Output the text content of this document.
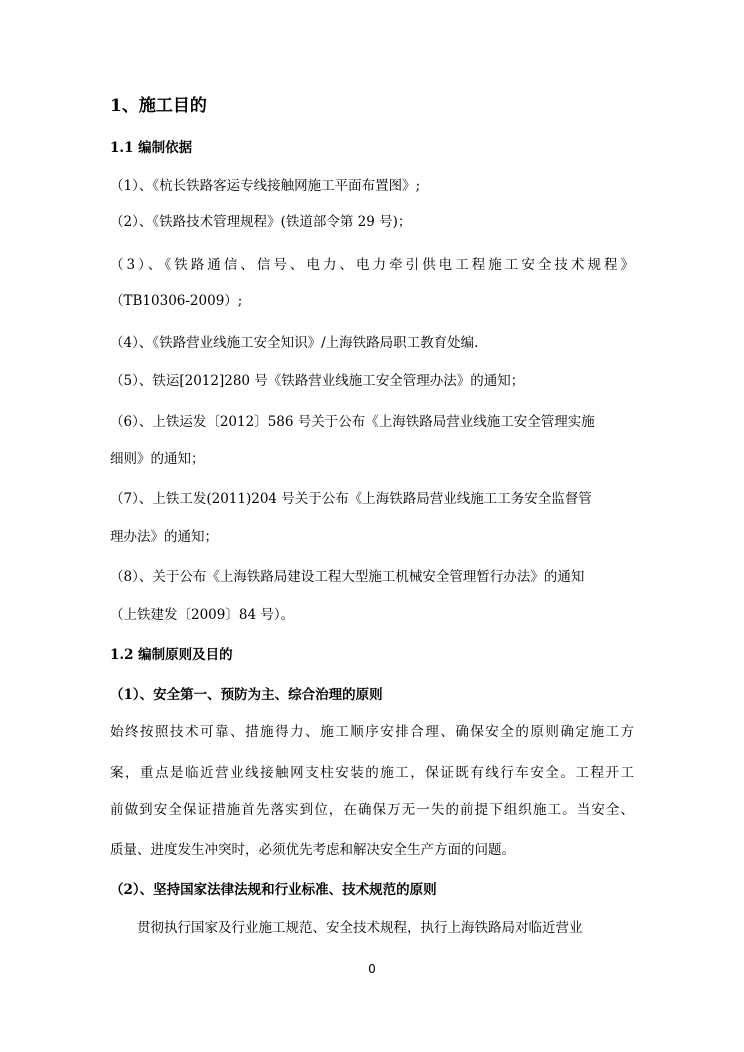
1、施工目的
1.1 编制依据
（1）、《杭长铁路客运专线接触网施工平面布置图》;
（2）、《铁路技术管理规程》(铁道部令第 29 号)；
（3）、《铁路通信、信号、电力、电力牵引供电工程施工安全技术规程》
（TB10306-2009）;
（4）、《铁路营业线施工安全知识》/上海铁路局职工教育处编.
（5）、铁运[2012]280 号《铁路营业线施工安全管理办法》的通知；
（6）、上铁运发〔2012〕586 号关于公布《上海铁路局营业线施工安全管理实施
细则》的通知；
（7）、上铁工发(2011)204 号关于公布《上海铁路局营业线施工工务安全监督管
理办法》的通知；
（8）、关于公布《上海铁路局建设工程大型施工机械安全管理暂行办法》的通知
（上铁建发〔2009〕84 号）。
1.2 编制原则及目的
（1）、安全第一、预防为主、综合治理的原则
始终按照技术可靠、措施得力、施工顺序安排合理、确保安全的原则确定施工方
案，重点是临近营业线接触网支柱安装的施工，保证既有线行车安全。工程开工
前做到安全保证措施首先落实到位，在确保万无一失的前提下组织施工。当安全、
质量、进度发生冲突时，必须优先考虑和解决安全生产方面的问题。
（2）、坚持国家法律法规和行业标准、技术规范的原则
贯彻执行国家及行业施工规范、安全技术规程，执行上海铁路局对临近营业
0
